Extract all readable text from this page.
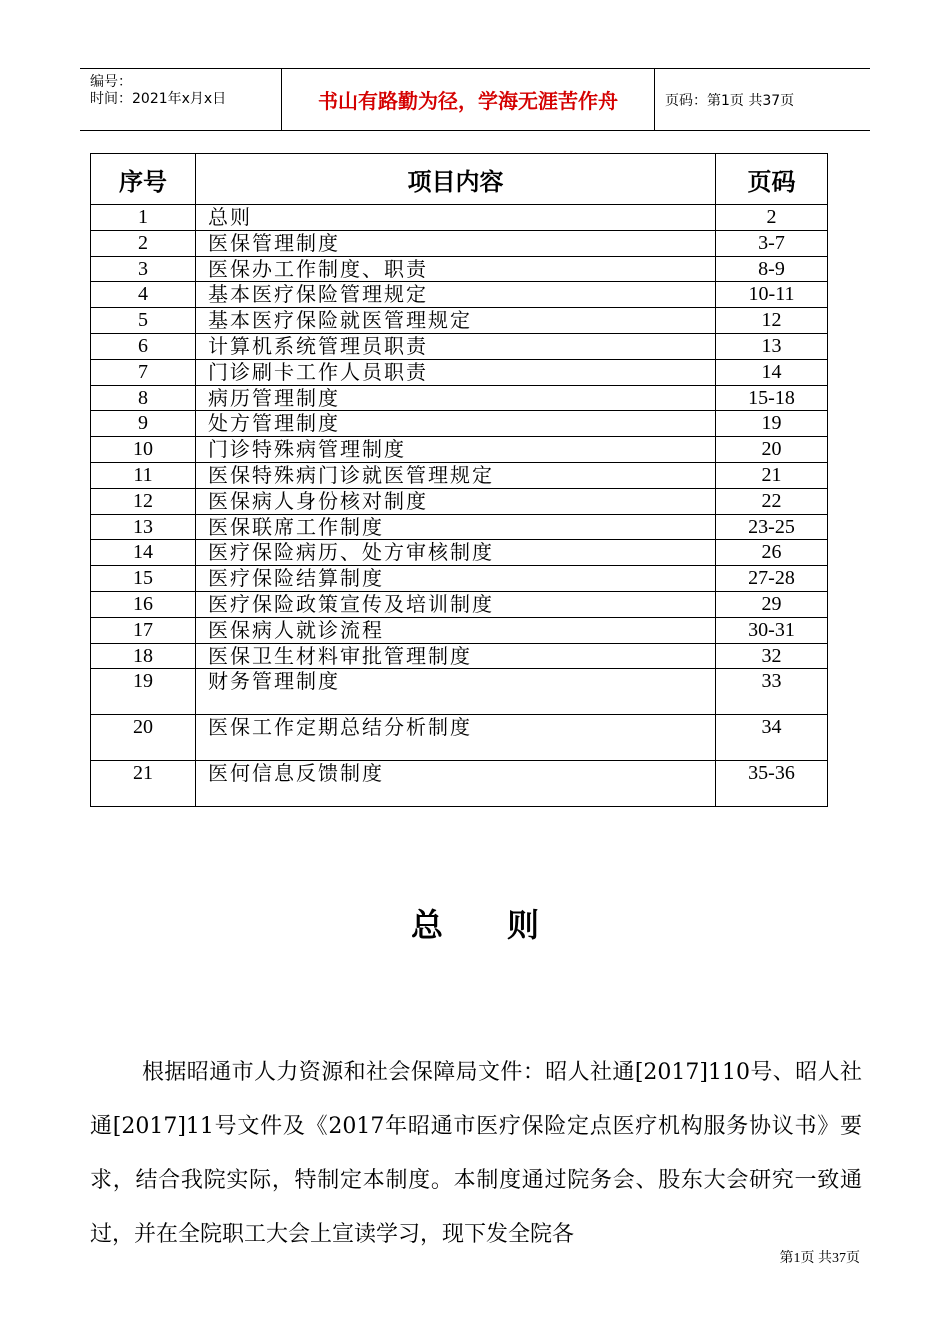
编号：
时间：2021年x月x日	书山有路勤为径，学海无涯苦作舟	页码：第1页 共37页
序号	项目内容	页码
1	总则	2
2	医保管理制度	3-7
3	医保办工作制度、职责	8-9
4	基本医疗保险管理规定	10-11
5	基本医疗保险就医管理规定	12
6	计算机系统管理员职责	13
7	门诊刷卡工作人员职责	14
8	病历管理制度	15-18
9	处方管理制度	19
10	门诊特殊病管理制度	20
11	医保特殊病门诊就医管理规定	21
12	医保病人身份核对制度	22
13	医保联席工作制度	23-25
14	医疗保险病历、处方审核制度	26
15	医疗保险结算制度	27-28
16	医疗保险政策宣传及培训制度	29
17	医保病人就诊流程	30-31
18	医保卫生材料审批管理制度	32
19	财务管理制度	33
20	医保工作定期总结分析制度	34
21	医何信息反馈制度	35-36
总则

根据昭通市人力资源和社会保障局文件：昭人社通[2017]110号、昭人社通[2017]11号文件及《2017年昭通市医疗保险定点医疗机构服务协议书》要求，结合我院实际，特制定本制度。本制度通过院务会、股东大会研究一致通过，并在全院职工大会上宣读学习，现下发全院各

第1页 共37页
